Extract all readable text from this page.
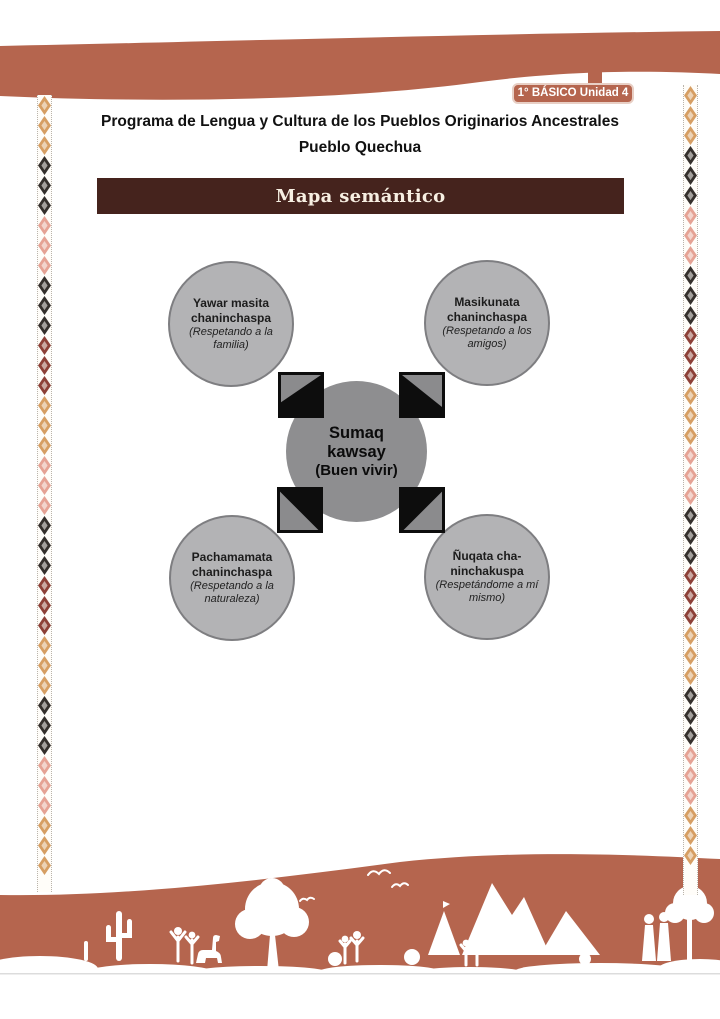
1° BÁSICO Unidad 4
Programa de Lengua y Cultura de los Pueblos Originarios Ancestrales
Pueblo Quechua
Mapa semántico
Sumaq kawsay
(Buen vivir)
Yawar masita chaninchaspa
(Respetando a la familia)
Masikunata chaninchaspa
(Respetando a los amigos)
Pachamamata chaninchaspa
(Respetando a la naturaleza)
Ñuqata cha-ninchakuspa
(Respetándome a mí mismo)
